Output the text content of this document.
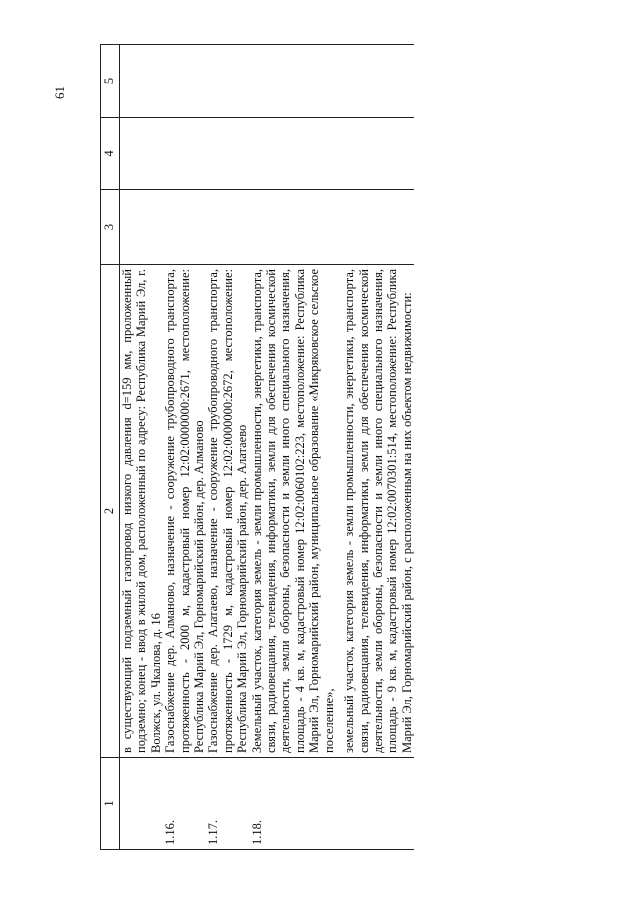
61
1	2	3	4	5

	в существующий подземный газопровод низкого давления d=159 мм, проложенный подземно; конец - ввод в жилой дом, расположенный по адресу: Республика Марий Эл, г. Волжск, ул. Чкалова, д. 16			

1.16.	Газоснабжение дер. Алманово, назначение - сооружение трубопроводного транспорта, протяженность - 2000 м, кадастровый номер 12:02:0000000:2671, местоположение: Республика Марий Эл, Горномарийский район, дер. Алманово			

1.17.	Газоснабжение дер. Алатаево, назначение - сооружение трубопроводного транспорта, протяженность - 1729 м, кадастровый номер 12:02:0000000:2672, местоположение: Республика Марий Эл, Горномарийский район, дер. Алатаево			

1.18.	Земельный участок, категория земель - земли промышленности, энергетики, транспорта, связи, радиовещания, телевидения, информатики, земли для обеспечения космической деятельности, земли обороны, безопасности и земли иного специального назначения, площадь - 4 кв. м, кадастровый номер 12:02:0060102:223, местоположение: Республика Марий Эл, Горномарийский район, муниципальное образование «Микряковское сельское поселение», земельный участок, категория земель - земли промышленности, энергетики, транспорта, связи, радиовещания, телевидения, информатики, земли для обеспечения космической деятельности, земли обороны, безопасности и земли иного специального назначения, площадь - 9 кв. м, кадастровый номер 12:02:0070301:514, местоположение: Республика Марий Эл, Горномарийский район, с расположенным на них объектом недвижимости:			
